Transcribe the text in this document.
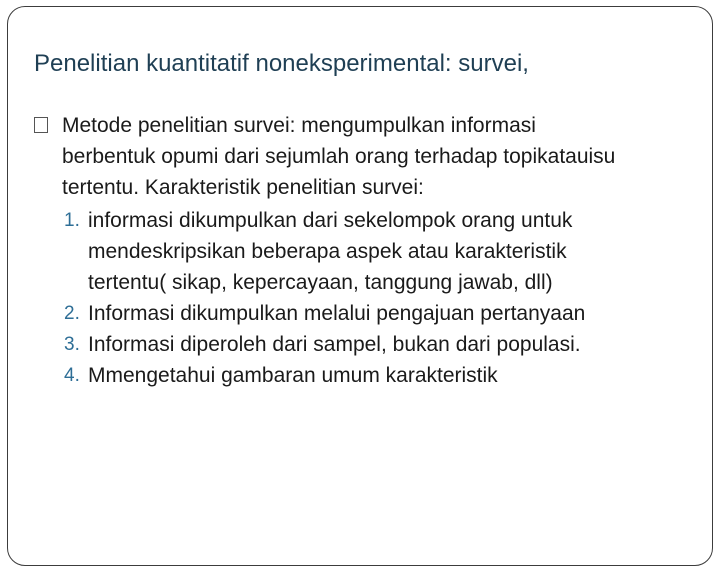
Penelitian kuantitatif noneksperimental: survei,

Metode penelitian survei: mengumpulkan informasi berbentuk opumi dari sejumlah orang terhadap topikatauisu tertentu. Karakteristik penelitian survei:

1. informasi dikumpulkan dari sekelompok orang untuk mendeskripsikan beberapa aspek atau karakteristik tertentu( sikap, kepercayaan, tanggung jawab, dll)
2. Informasi dikumpulkan melalui pengajuan pertanyaan
3. Informasi diperoleh dari sampel, bukan dari populasi.
4. Mmengetahui gambaran umum karakteristik
